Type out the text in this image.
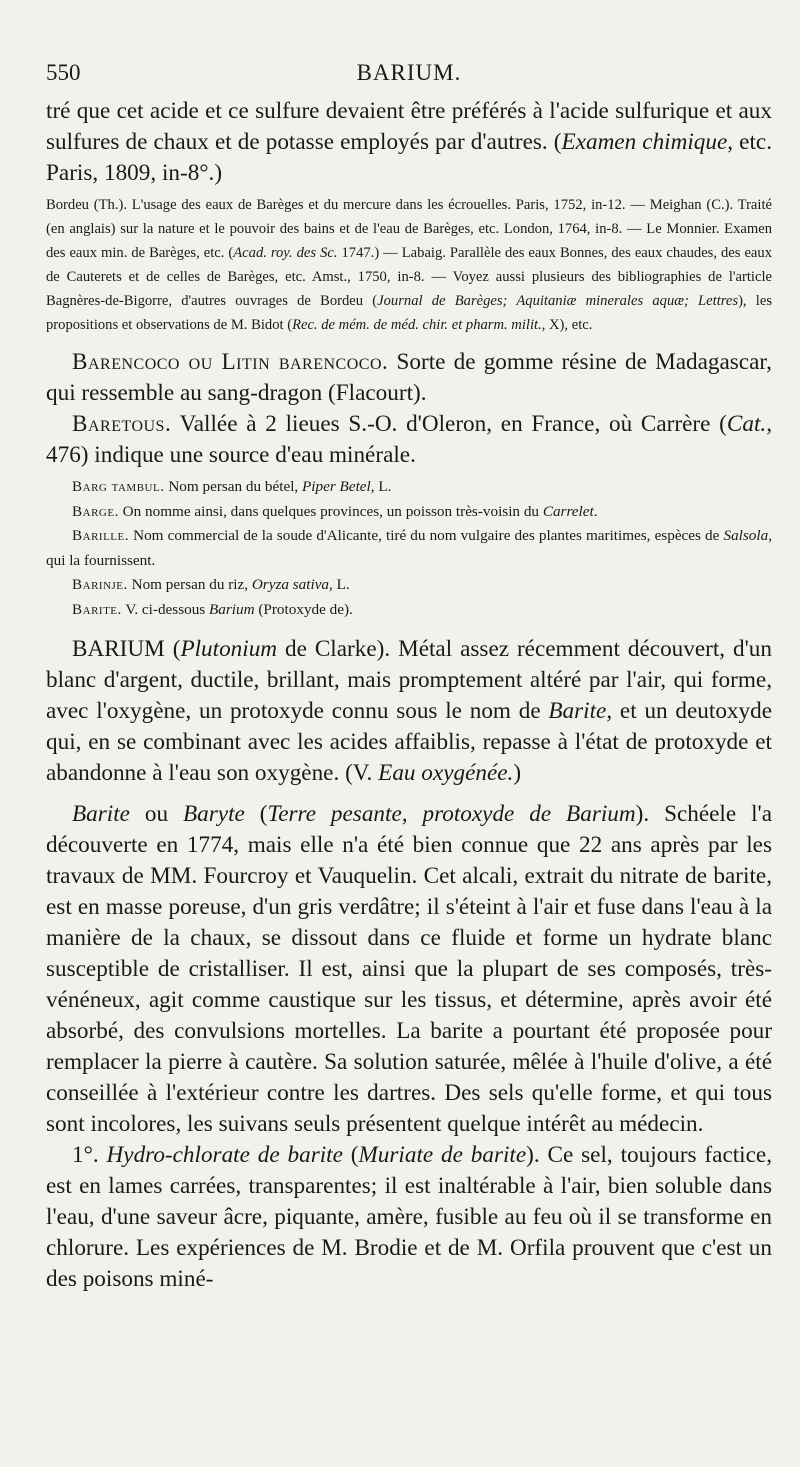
550	BARIUM.

tré que cet acide et ce sulfure devaient être préférés à l'acide sulfurique et aux sulfures de chaux et de potasse employés par d'autres. (Examen chimique, etc. Paris, 1809, in-8°.)

Bordeu (Th.). L'usage des eaux de Barèges et du mercure dans les écrouelles. Paris, 1752, in-12. — Meighan (C.). Traité (en anglais) sur la nature et le pouvoir des bains et de l'eau de Barèges, etc. London, 1764, in-8. — Le Monnier. Examen des eaux min. de Barèges, etc. (Acad. roy. des Sc. 1747.) — Labaig. Parallèle des eaux Bonnes, des eaux chaudes, des eaux de Cauterets et de celles de Barèges, etc. Amst., 1750, in-8. — Voyez aussi plusieurs des bibliographies de l'article Bagnères-de-Bigorre, d'autres ouvrages de Bordeu (Journal de Barèges; Aquitaniæ minerales aquæ; Lettres), les propositions et observations de M. Bidot (Rec. de mém. de méd. chir. et pharm. milit., X), etc.

Barencoco ou Litin barencoco. Sorte de gomme résine de Madagascar, qui ressemble au sang-dragon (Flacourt).

Baretous. Vallée à 2 lieues S.-O. d'Oleron, en France, où Carrère (Cat., 476) indique une source d'eau minérale.

Barg tambul. Nom persan du bétel, Piper Betel, L.

Barge. On nomme ainsi, dans quelques provinces, un poisson très-voisin du Carrelet.

Barille. Nom commercial de la soude d'Alicante, tiré du nom vulgaire des plantes maritimes, espèces de Salsola, qui la fournissent.

Barinje. Nom persan du riz, Oryza sativa, L.

Barite. V. ci-dessous Barium (Protoxyde de).

BARIUM (Plutonium de Clarke). Métal assez récemment découvert, d'un blanc d'argent, ductile, brillant, mais promptement altéré par l'air, qui forme, avec l'oxygène, un protoxyde connu sous le nom de Barite, et un deutoxyde qui, en se combinant avec les acides affaiblis, repasse à l'état de protoxyde et abandonne à l'eau son oxygène. (V. Eau oxygénée.)

Barite ou Baryte (Terre pesante, protoxyde de Barium). Schéele l'a découverte en 1774, mais elle n'a été bien connue que 22 ans après par les travaux de MM. Fourcroy et Vauquelin. Cet alcali, extrait du nitrate de barite, est en masse poreuse, d'un gris verdâtre; il s'éteint à l'air et fuse dans l'eau à la manière de la chaux, se dissout dans ce fluide et forme un hydrate blanc susceptible de cristalliser. Il est, ainsi que la plupart de ses composés, très-vénéneux, agit comme caustique sur les tissus, et détermine, après avoir été absorbé, des convulsions mortelles. La barite a pourtant été proposée pour remplacer la pierre à cautère. Sa solution saturée, mêlée à l'huile d'olive, a été conseillée à l'extérieur contre les dartres. Des sels qu'elle forme, et qui tous sont incolores, les suivans seuls présentent quelque intérêt au médecin.

1°. Hydro-chlorate de barite (Muriate de barite). Ce sel, toujours factice, est en lames carrées, transparentes; il est inaltérable à l'air, bien soluble dans l'eau, d'une saveur âcre, piquante, amère, fusible au feu où il se transforme en chlorure. Les expériences de M. Brodie et de M. Orfila prouvent que c'est un des poisons miné-
